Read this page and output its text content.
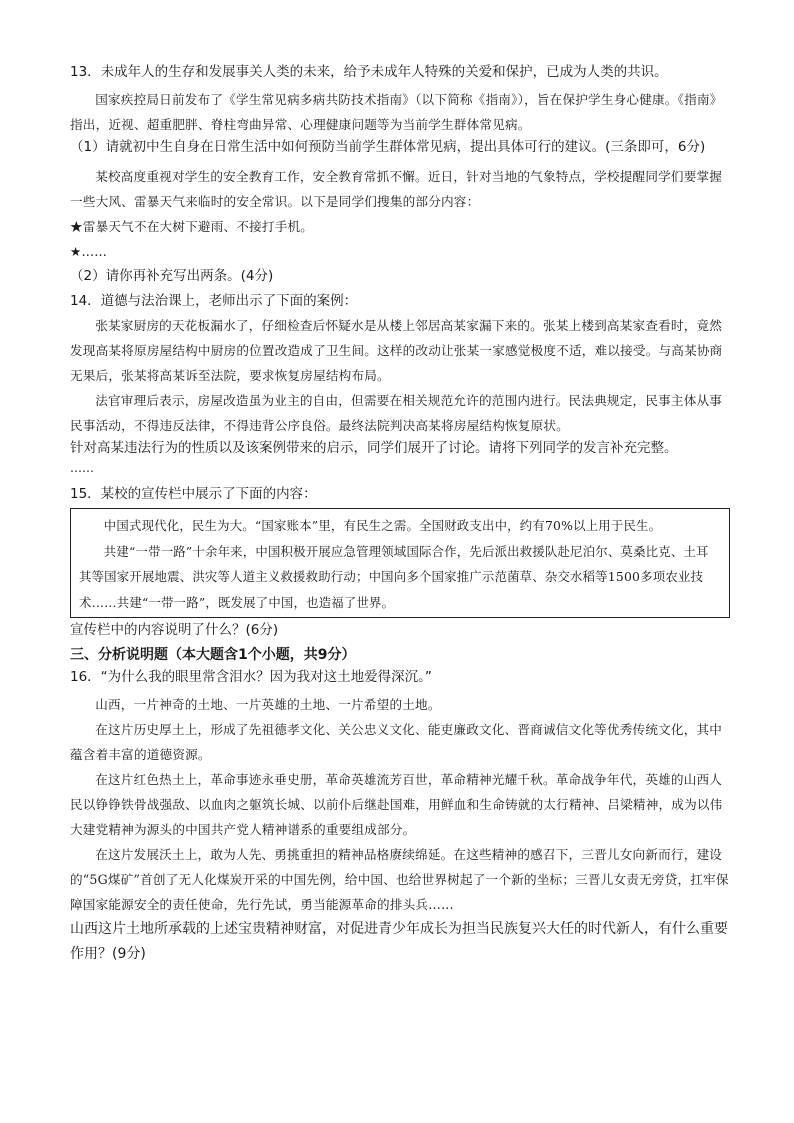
13．未成年人的生存和发展事关人类的未来，给予未成年人特殊的关爱和保护，已成为人类的共识。

国家疾控局日前发布了《学生常见病多病共防技术指南》（以下简称《指南》），旨在保护学生身心健康。《指南》指出，近视、超重肥胖、脊柱弯曲异常、心理健康问题等为当前学生群体常见病。

（1）请就初中生自身在日常生活中如何预防当前学生群体常见病，提出具体可行的建议。(三条即可，6分)

某校高度重视对学生的安全教育工作，安全教育常抓不懈。近日，针对当地的气象特点，学校提醒同学们要掌握一些大风、雷暴天气来临时的安全常识。以下是同学们搜集的部分内容：

★雷暴天气不在大树下避雨、不接打手机。

★……

（2）请你再补充写出两条。(4分)

14．道德与法治课上，老师出示了下面的案例：

张某家厨房的天花板漏水了，仔细检查后怀疑水是从楼上邻居高某家漏下来的。张某上楼到高某家查看时，竟然发现高某将原房屋结构中厨房的位置改造成了卫生间。这样的改动让张某一家感觉极度不适，难以接受。与高某协商无果后，张某将高某诉至法院，要求恢复房屋结构布局。

法官审理后表示，房屋改造虽为业主的自由，但需要在相关规范允许的范围内进行。民法典规定，民事主体从事民事活动，不得违反法律，不得违背公序良俗。最终法院判决高某将房屋结构恢复原状。

针对高某违法行为的性质以及该案例带来的启示，同学们展开了讨论。请将下列同学的发言补充完整。

……

15．某校的宣传栏中展示了下面的内容：

中国式现代化，民生为大。“国家账本”里，有民生之需。全国财政支出中，约有70%以上用于民生。

共建“一带一路”十余年来，中国积极开展应急管理领域国际合作，先后派出救援队赴尼泊尔、莫桑比克、土耳其等国家开展地震、洪灾等人道主义救援救助行动；中国向多个国家推广示范菌草、杂交水稻等1500多项农业技术……共建“一带一路”，既发展了中国，也造福了世界。

宣传栏中的内容说明了什么？(6分)

三、分析说明题（本大题含1个小题，共9分）

16．“为什么我的眼里常含泪水？因为我对这土地爱得深沉。”

山西，一片神奇的土地、一片英雄的土地、一片希望的土地。

在这片历史厚土上，形成了先祖德孝文化、关公忠义文化、能吏廉政文化、晋商诚信文化等优秀传统文化，其中蕴含着丰富的道德资源。

在这片红色热土上，革命事迹永垂史册，革命英雄流芳百世，革命精神光耀千秋。革命战争年代，英雄的山西人民以铮铮铁骨战强敌、以血肉之躯筑长城、以前仆后继赴国难，用鲜血和生命铸就的太行精神、吕梁精神，成为以伟大建党精神为源头的中国共产党人精神谱系的重要组成部分。

在这片发展沃土上，敢为人先、勇挑重担的精神品格赓续绵延。在这些精神的感召下，三晋儿女向新而行，建设的“5G煤矿”首创了无人化煤炭开采的中国先例，给中国、也给世界树起了一个新的坐标；三晋儿女责无旁贷，扛牢保障国家能源安全的责任使命，先行先试，勇当能源革命的排头兵……

山西这片土地所承载的上述宝贵精神财富，对促进青少年成长为担当民族复兴大任的时代新人，有什么重要作用？(9分)
